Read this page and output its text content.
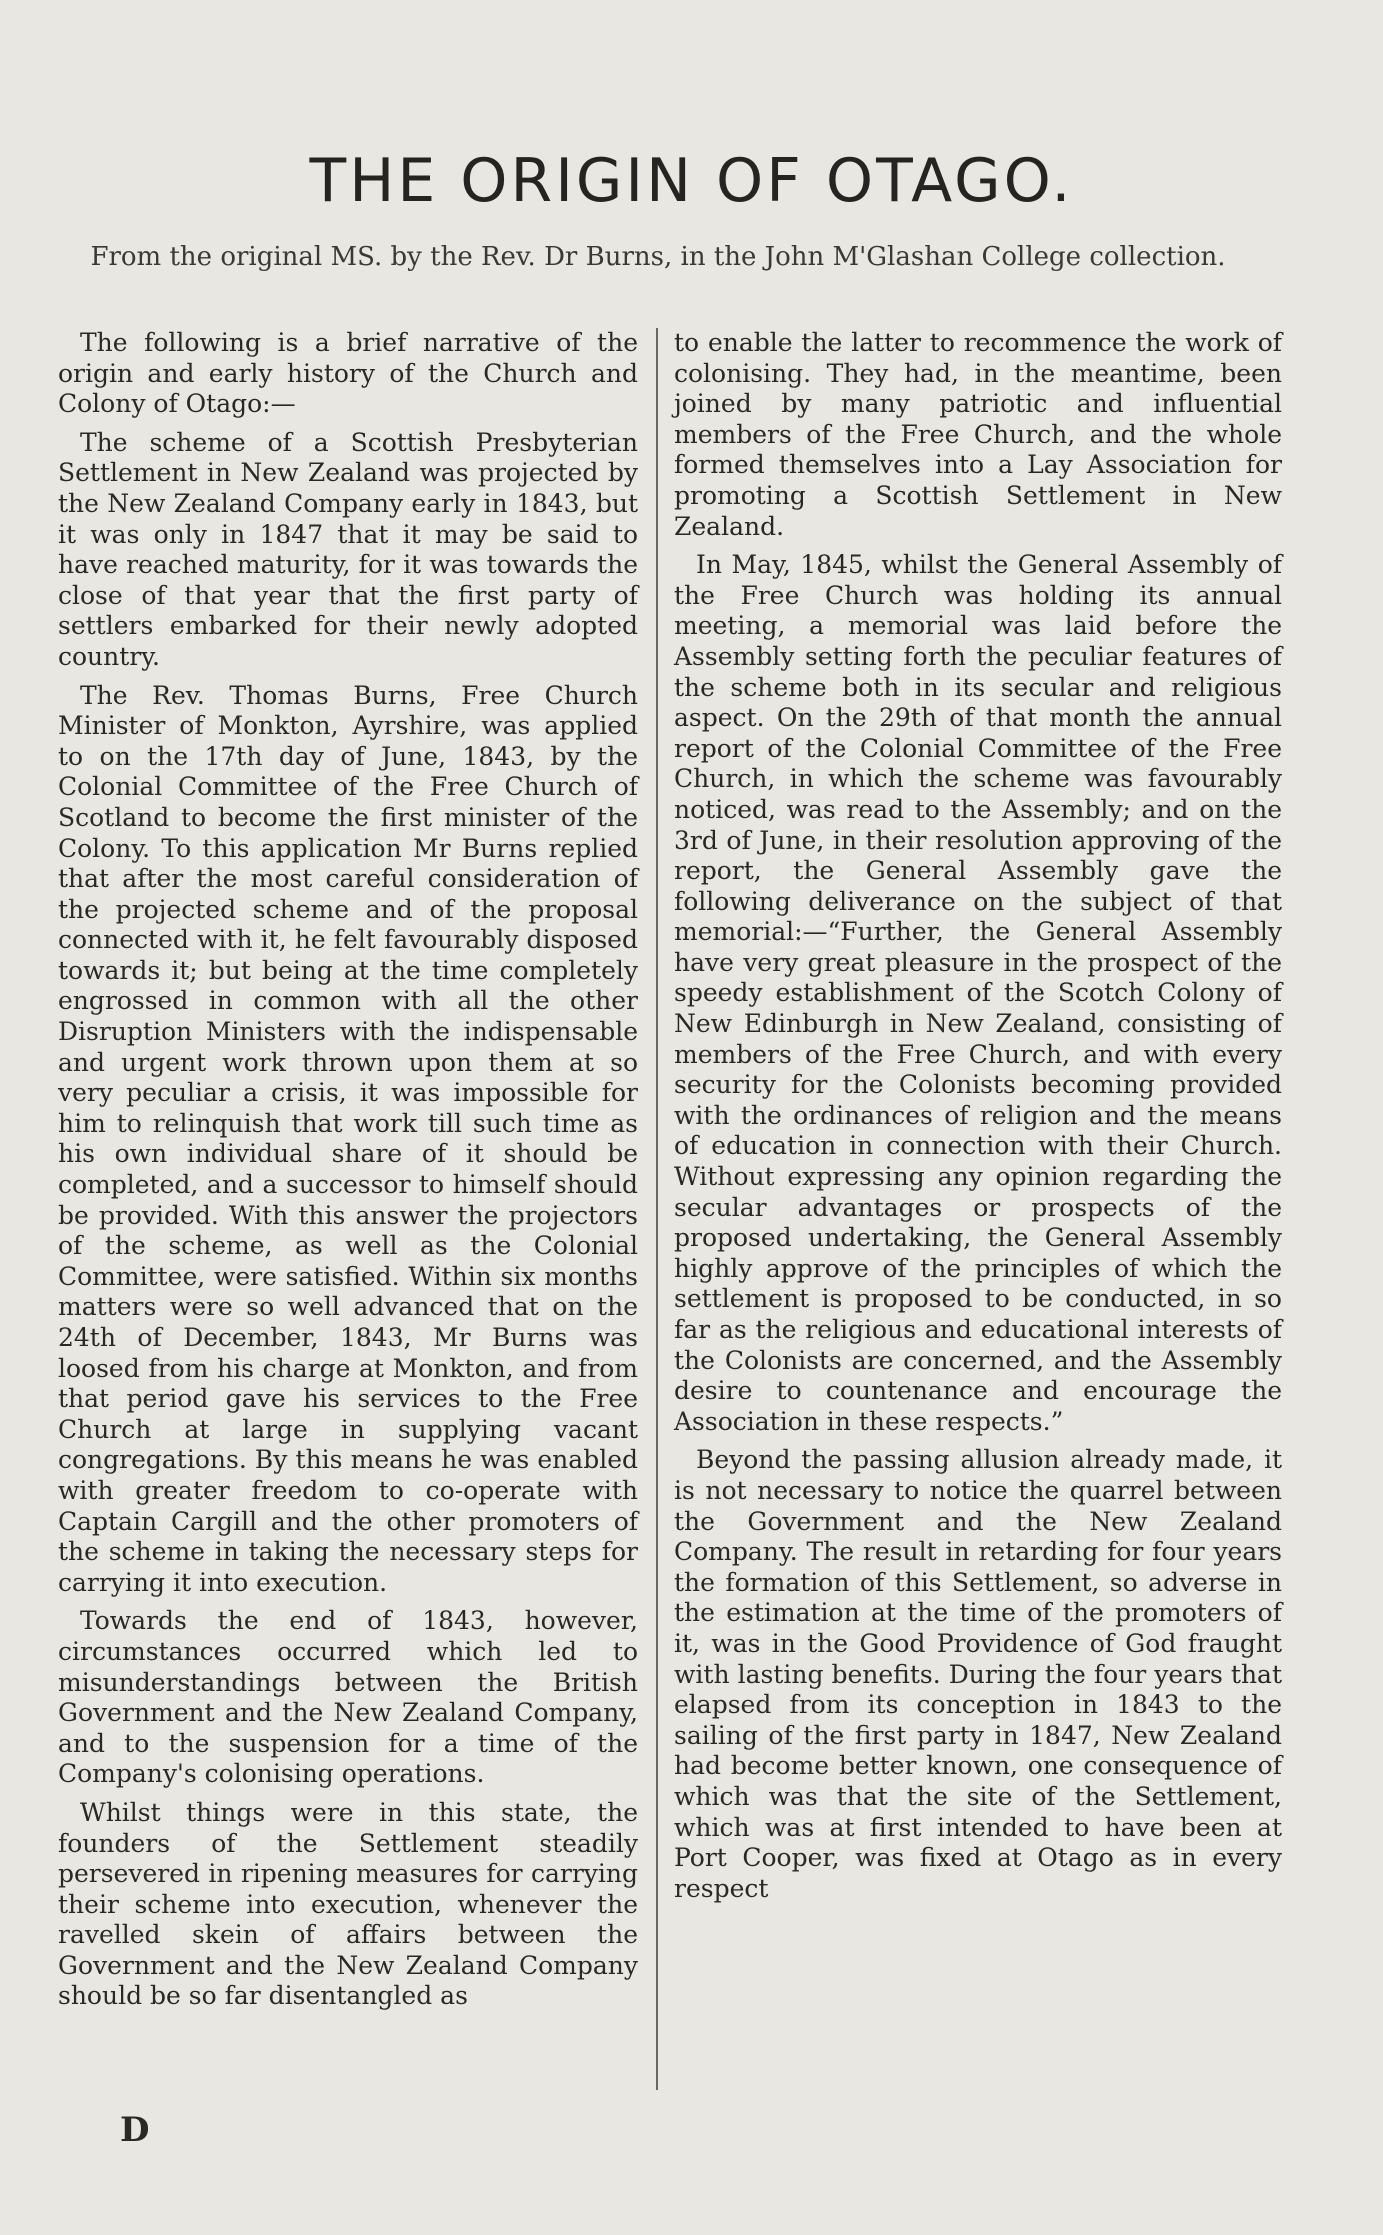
THE ORIGIN OF OTAGO.

From the original MS. by the Rev. Dr Burns, in the John M'Glashan College collection.

The following is a brief narrative of the origin and early history of the Church and Colony of Otago:—

The scheme of a Scottish Presbyterian Settlement in New Zealand was projected by the New Zealand Company early in 1843, but it was only in 1847 that it may be said to have reached maturity, for it was towards the close of that year that the first party of settlers embarked for their newly adopted country.

The Rev. Thomas Burns, Free Church Minister of Monkton, Ayrshire, was applied to on the 17th day of June, 1843, by the Colonial Committee of the Free Church of Scotland to become the first minister of the Colony. To this application Mr Burns replied that after the most careful consideration of the projected scheme and of the proposal connected with it, he felt favourably disposed towards it; but being at the time completely engrossed in common with all the other Disruption Ministers with the indispensable and urgent work thrown upon them at so very peculiar a crisis, it was impossible for him to relinquish that work till such time as his own individual share of it should be completed, and a successor to himself should be provided. With this answer the projectors of the scheme, as well as the Colonial Committee, were satisfied. Within six months matters were so well advanced that on the 24th of December, 1843, Mr Burns was loosed from his charge at Monkton, and from that period gave his services to the Free Church at large in supplying vacant congregations. By this means he was enabled with greater freedom to co-operate with Captain Cargill and the other promoters of the scheme in taking the necessary steps for carrying it into execution.

Towards the end of 1843, however, circumstances occurred which led to misunderstandings between the British Government and the New Zealand Company, and to the suspension for a time of the Company's colonising operations.

Whilst things were in this state, the founders of the Settlement steadily persevered in ripening measures for carrying their scheme into execution, whenever the ravelled skein of affairs between the Government and the New Zealand Company should be so far disentangled as

to enable the latter to recommence the work of colonising. They had, in the meantime, been joined by many patriotic and influential members of the Free Church, and the whole formed themselves into a Lay Association for promoting a Scottish Settlement in New Zealand.

In May, 1845, whilst the General Assembly of the Free Church was holding its annual meeting, a memorial was laid before the Assembly setting forth the peculiar features of the scheme both in its secular and religious aspect. On the 29th of that month the annual report of the Colonial Committee of the Free Church, in which the scheme was favourably noticed, was read to the Assembly; and on the 3rd of June, in their resolution approving of the report, the General Assembly gave the following deliverance on the subject of that memorial:—“Further, the General Assembly have very great pleasure in the prospect of the speedy establishment of the Scotch Colony of New Edinburgh in New Zealand, consisting of members of the Free Church, and with every security for the Colonists becoming provided with the ordinances of religion and the means of education in connection with their Church. Without expressing any opinion regarding the secular advantages or prospects of the proposed undertaking, the General Assembly highly approve of the principles of which the settlement is proposed to be conducted, in so far as the religious and educational interests of the Colonists are concerned, and the Assembly desire to countenance and encourage the Association in these respects.”

Beyond the passing allusion already made, it is not necessary to notice the quarrel between the Government and the New Zealand Company. The result in retarding for four years the formation of this Settlement, so adverse in the estimation at the time of the promoters of it, was in the Good Providence of God fraught with lasting benefits. During the four years that elapsed from its conception in 1843 to the sailing of the first party in 1847, New Zealand had become better known, one consequence of which was that the site of the Settlement, which was at first intended to have been at Port Cooper, was fixed at Otago as in every respect

D
